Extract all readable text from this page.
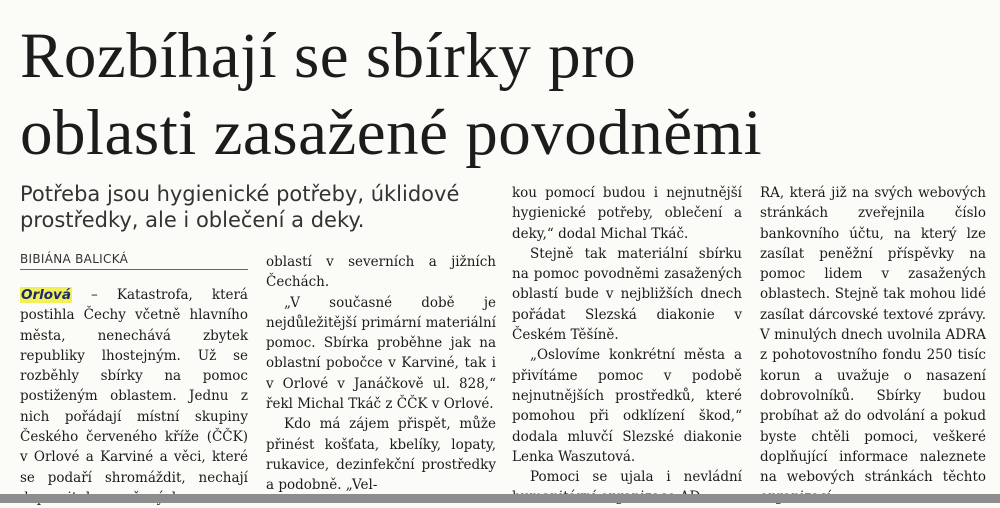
Rozbíhají se sbírky pro
oblasti zasažené povodněmi

Potřeba jsou hygienické potřeby, úklidové prostředky, ale i oblečení a deky.

BIBIÁNA BALICKÁ

Orlová – Katastrofa, která postihla Čechy včetně hlavního města, nenechává zbytek republiky lhostejným. Už se rozběhly sbírky na pomoc postiženým oblastem. Jednu z nich pořádají místní skupiny Českého červeného kříže (ČČK) v Orlové a Karviné a věci, které se podaří shromáždit, nechají

oblastí v severních a jižních Čechách.

„V současné době je nejdůležitější primární materiální pomoc. Sbírka proběhne jak na oblastní pobočce v Karviné, tak i v Orlové v Janáčkově ul. 828,“ řekl Michal Tkáč z ČČK v Orlové.

Kdo má zájem přispět, může přinést košťata, kbelíky, lopaty, rukavice, dezinfekční prostředky a podobně. „Vel-

kou pomocí budou i nejnutnější hygienické potřeby, oblečení a deky,“ dodal Michal Tkáč.

Stejně tak materiální sbírku na pomoc povodněmi zasažených oblastí bude v nejbližších dnech pořádat Slezská diakonie v Českém Těšíně.

„Oslovíme konkrétní města a přivítáme pomoc v podobě nejnutnějších prostředků, které pomohou při odklízení škod,“ dodala mluvčí Slezské diakonie Lenka Waszutová.

Pomoci se ujala i nevládní

RA, která již na svých webových stránkách zveřejnila číslo bankovního účtu, na který lze zasílat peněžní příspěvky na pomoc lidem v zasažených oblastech. Stejně tak mohou lidé zasílat dárcovské textové zprávy. V minulých dnech uvolnila ADRA z pohotovostního fondu 250 tisíc korun a uvažuje o nasazení dobrovolníků. Sbírky budou probíhat až do odvolání a pokud byste chtěli pomoci, veškeré doplňující informace naleznete na webových stránkách těchto
